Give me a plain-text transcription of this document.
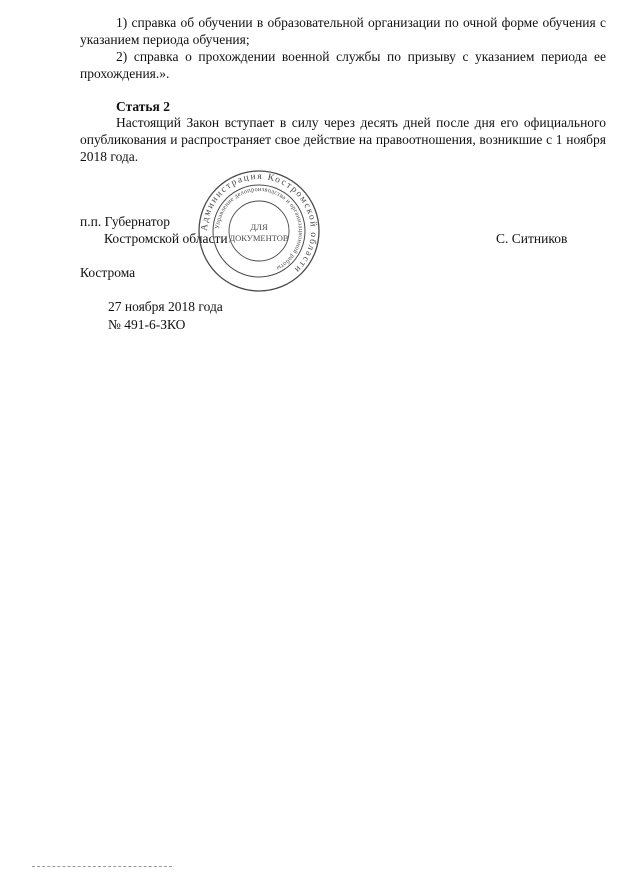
1) справка об обучении в образовательной организации по очной форме обучения с указанием периода обучения;

2) справка о прохождении военной службы по призыву с указанием периода ее прохождения.».

Статья 2

Настоящий Закон вступает в силу через десять дней после дня его официального опубликования и распространяет свое действие на правоотношения, возникшие с 1 ноября 2018 года.

п.п. Губернатор

Костромской области	С. Ситников

Администрация Костромской области
Управление делопроизводства и организационной работы
ДЛЯ
ДОКУМЕНТОВ

Кострома

27 ноября 2018 года

№ 491-6-ЗКО
